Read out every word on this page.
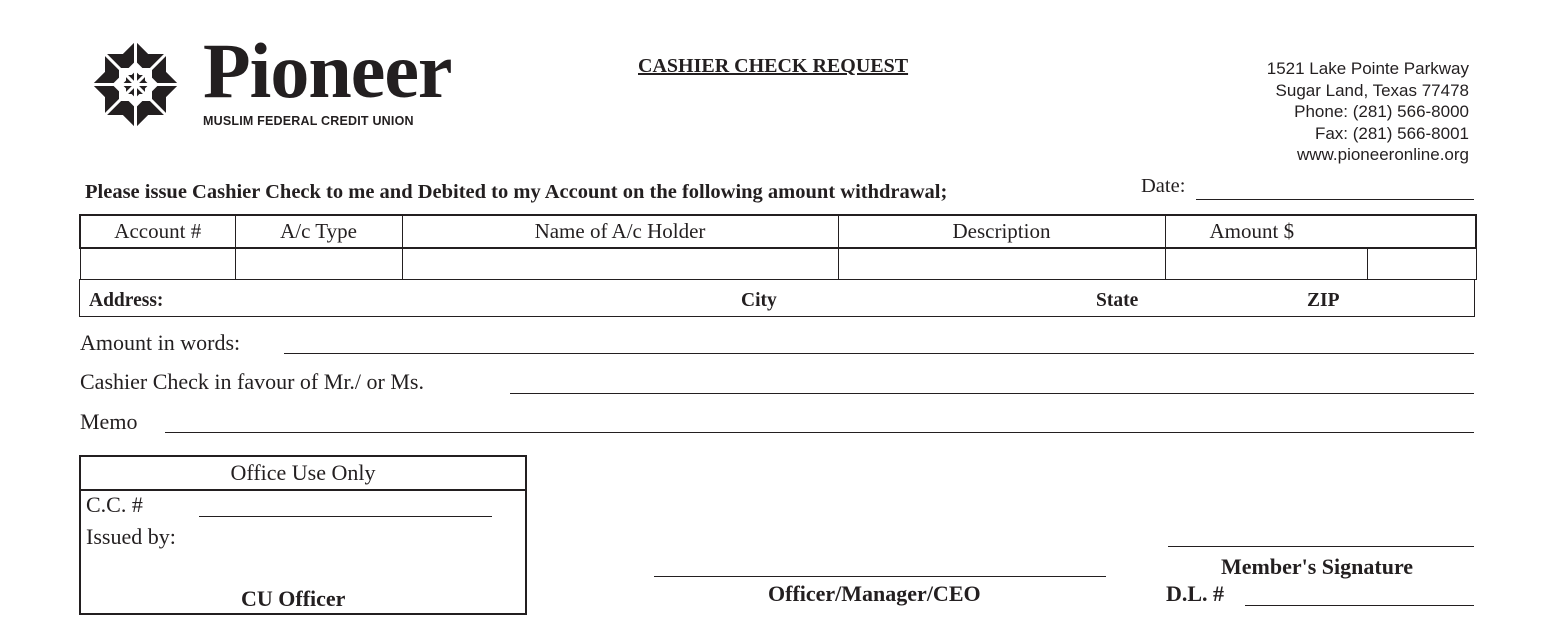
Pioneer
MUSLIM FEDERAL CREDIT UNION
CASHIER CHECK REQUEST	1521 Lake Pointe Parkway
Sugar Land, Texas 77478
Phone: (281) 566-8000
Fax: (281) 566-8001
www.pioneeronline.org
Please issue Cashier Check to me and Debited to my Account on the following amount withdrawal;	Date:
Account #	A/c Type	Name of A/c Holder	Description	Amount $	

Address:	City	State	ZIP
Amount in words:
Cashier Check in favour of Mr./ or Ms.
Memo
Office Use Only
C.C. #
Issued by:
CU Officer	Officer/Manager/CEO
Member's Signature
D.L. #
